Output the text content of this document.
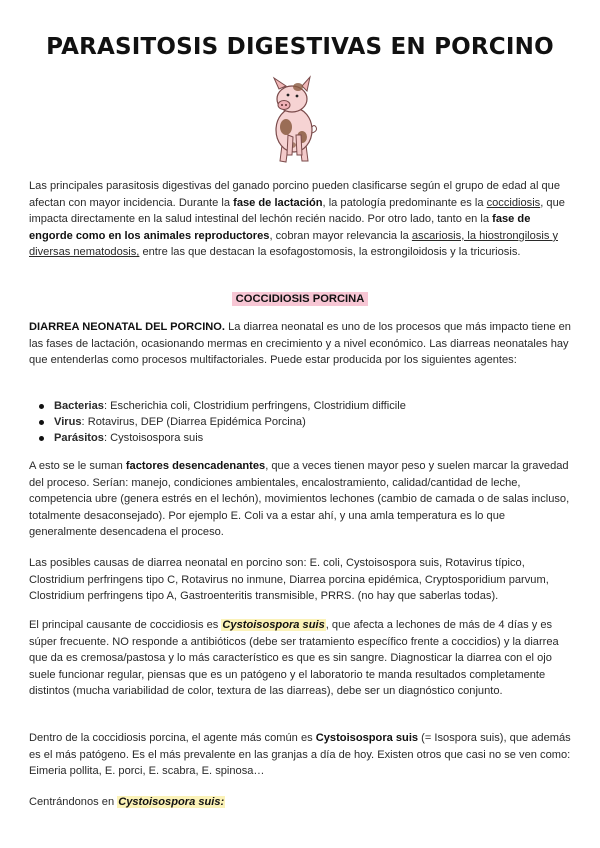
PARASITOSIS DIGESTIVAS EN PORCINO
Las principales parasitosis digestivas del ganado porcino pueden clasificarse según el grupo de edad al que afectan con mayor incidencia. Durante la fase de lactación, la patología predominante es la coccidiosis, que impacta directamente en la salud intestinal del lechón recién nacido. Por otro lado, tanto en la fase de engorde como en los animales reproductores, cobran mayor relevancia la ascariosis, la hiostrongilosis y diversas nematodosis, entre las que destacan la esofagostomosis, la estrongiloidosis y la tricuriosis.
COCCIDIOSIS PORCINA
DIARREA NEONATAL DEL PORCINO. La diarrea neonatal es uno de los procesos que más impacto tiene en las fases de lactación, ocasionando mermas en crecimiento y a nivel económico. Las diarreas neonatales hay que entenderlas como procesos multifactoriales. Puede estar producida por los siguientes agentes:
Bacterias: Escherichia coli, Clostridium perfringens, Clostridium difficile
Virus: Rotavirus, DEP (Diarrea Epidémica Porcina)
Parásitos: Cystoisospora suis
A esto se le suman factores desencadenantes, que a veces tienen mayor peso y suelen marcar la gravedad del proceso. Serían: manejo, condiciones ambientales, encalostramiento, calidad/cantidad de leche, competencia ubre (genera estrés en el lechón), movimientos lechones (cambio de camada o de salas incluso, totalmente desaconsejado). Por ejemplo E. Coli va a estar ahí, y una amla temperatura es lo que generalmente desencadena el proceso.
Las posibles causas de diarrea neonatal en porcino son: E. coli, Cystoisospora suis, Rotavirus típico, Clostridium perfringens tipo C, Rotavirus no inmune, Diarrea porcina epidémica, Cryptosporidium parvum, Clostridium perfringens tipo A, Gastroenteritis transmisible, PRRS. (no hay que saberlas todas).
El principal causante de coccidiosis es Cystoisospora suis, que afecta a lechones de más de 4 días y es súper frecuente. NO responde a antibióticos (debe ser tratamiento específico frente a coccidios) y la diarrea que da es cremosa/pastosa y lo más característico es que es sin sangre. Diagnosticar la diarrea con el ojo suele funcionar regular, piensas que es un patógeno y el laboratorio te manda resultados completamente distintos (mucha variabilidad de color, textura de las diarreas), debe ser un diagnóstico conjunto.
Dentro de la coccidiosis porcina, el agente más común es Cystoisospora suis (= Isospora suis), que además es el más patógeno. Es el más prevalente en las granjas a día de hoy. Existen otros que casi no se ven como: Eimeria pollita, E. porci, E. scabra, E. spinosa…
Centrándonos en Cystoisospora suis:
